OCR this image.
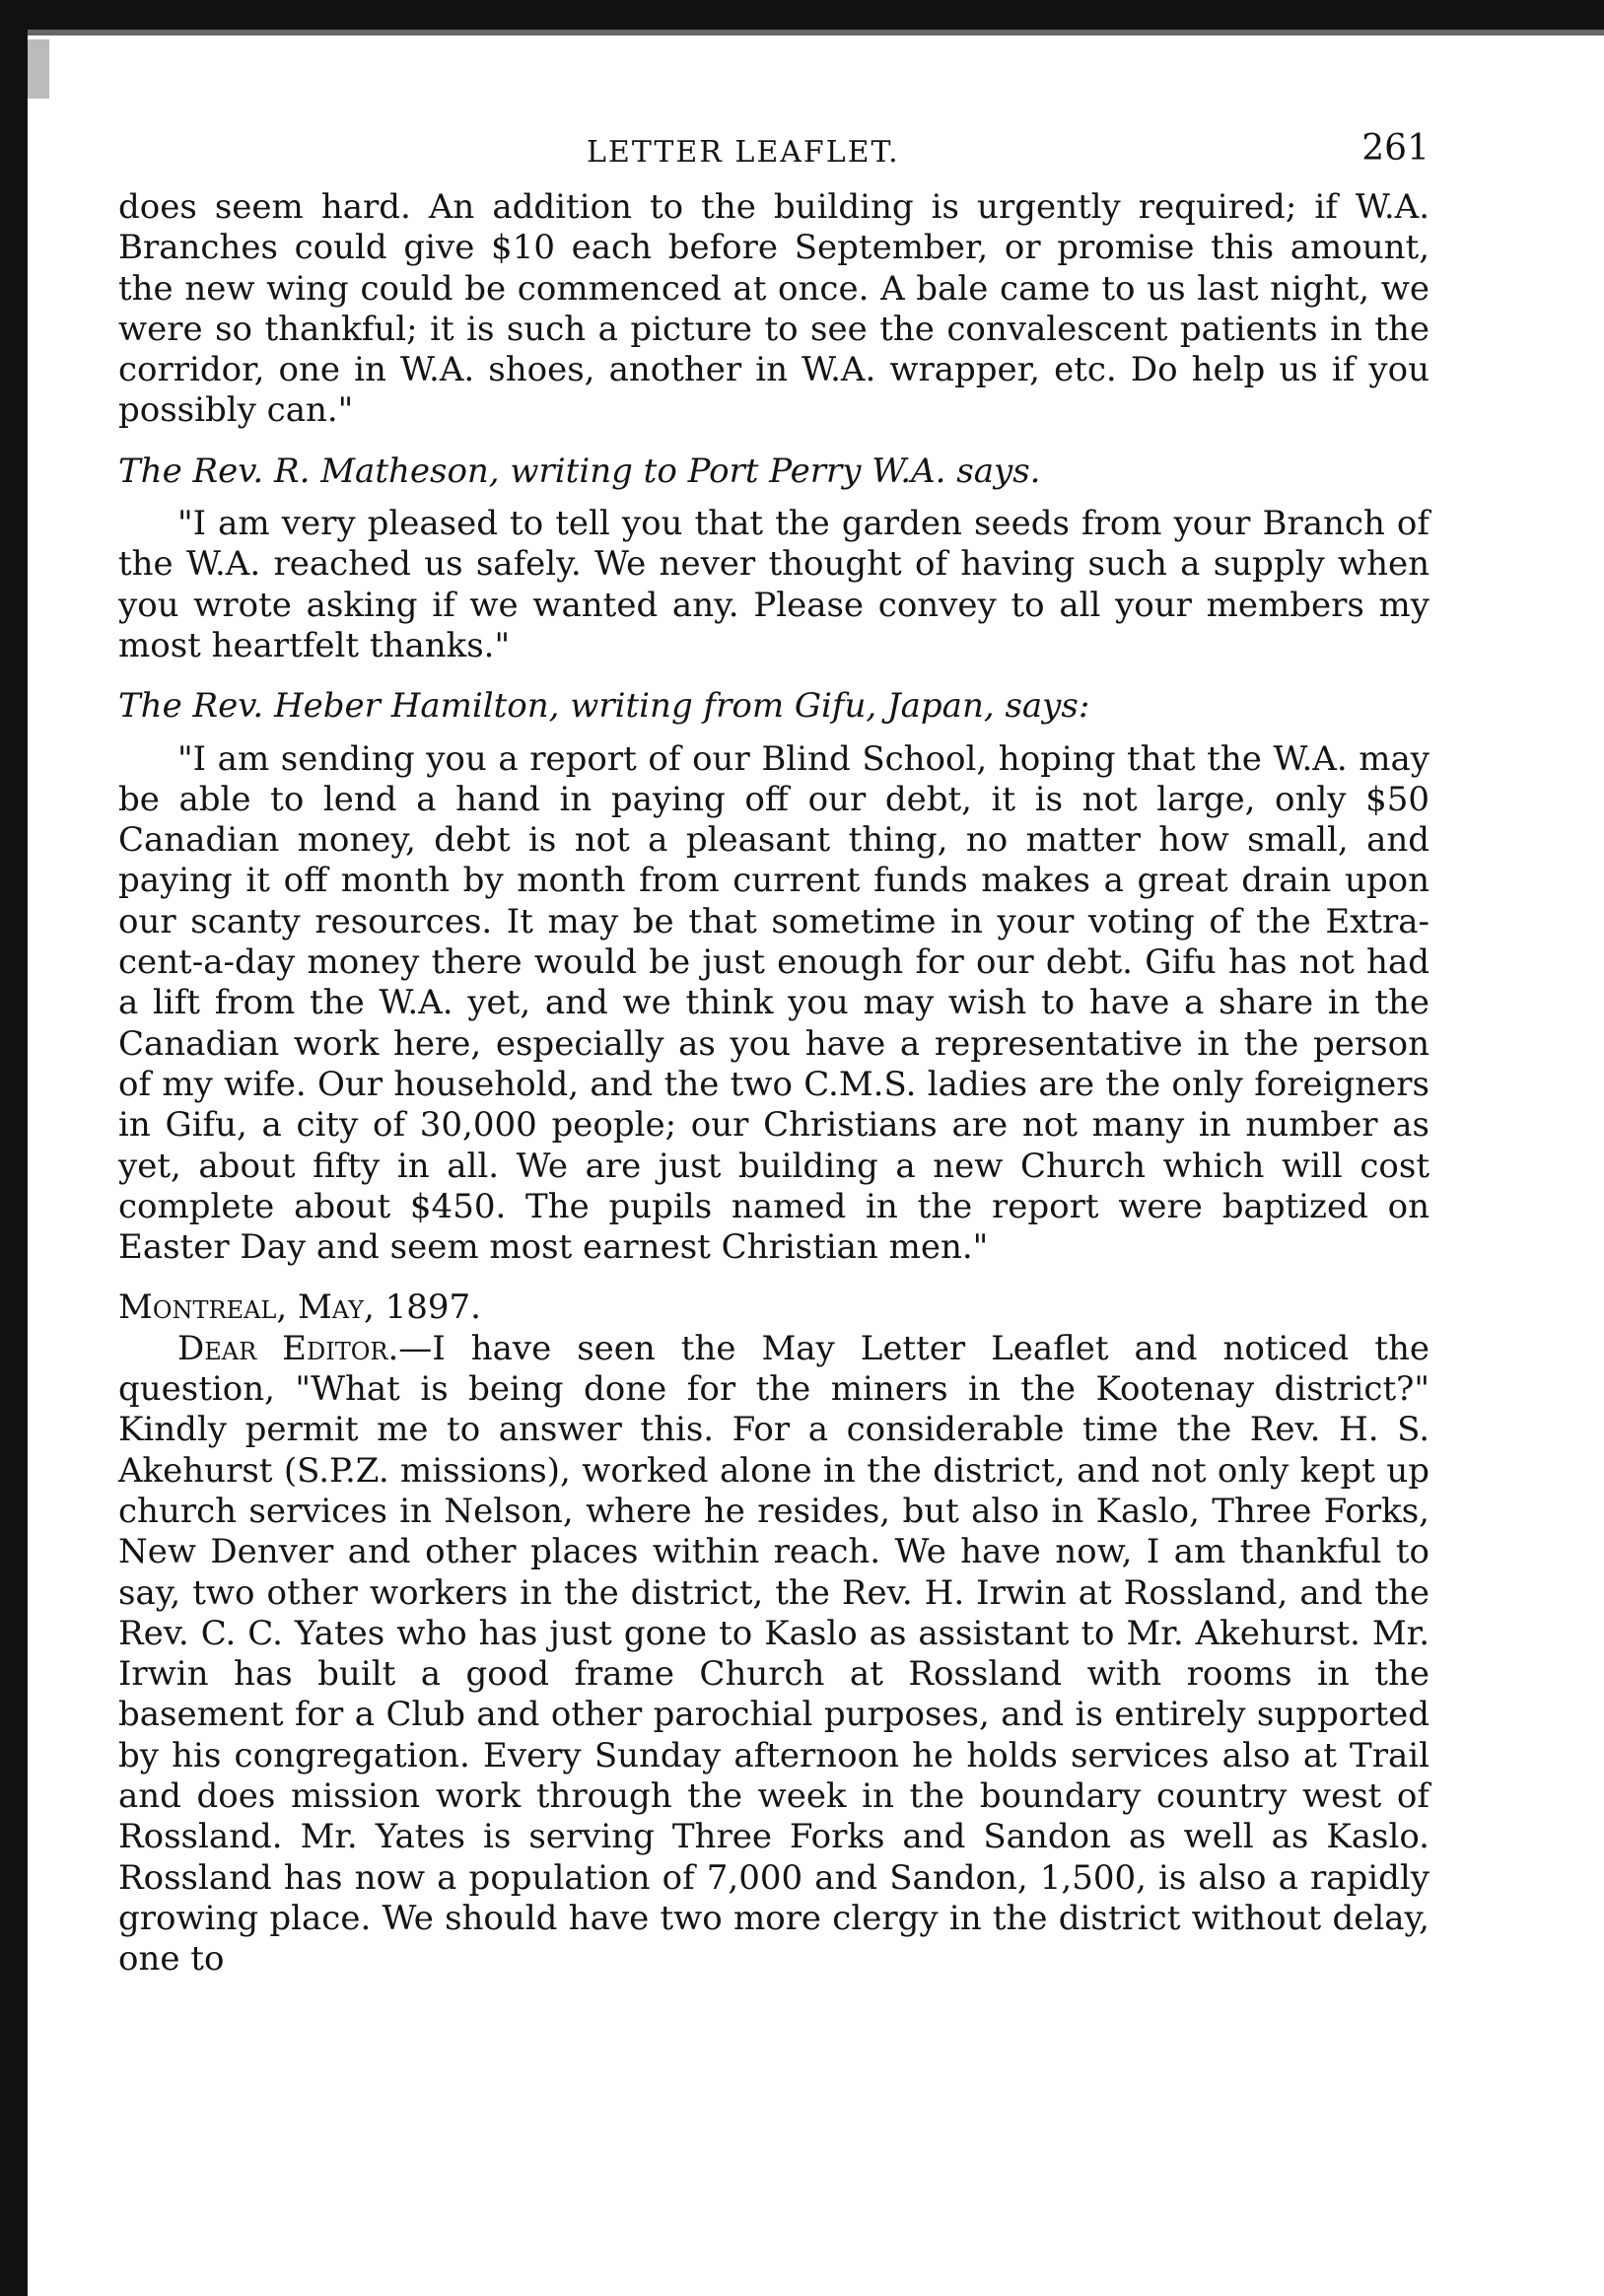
LETTER LEAFLET.	261

does seem hard. An addition to the building is urgently required; if W.A. Branches could give $10 each before September, or promise this amount, the new wing could be commenced at once. A bale came to us last night, we were so thankful; it is such a picture to see the convalescent patients in the corridor, one in W.A. shoes, another in W.A. wrapper, etc. Do help us if you possibly can."

The Rev. R. Matheson, writing to Port Perry W.A. says.

"I am very pleased to tell you that the garden seeds from your Branch of the W.A. reached us safely. We never thought of having such a supply when you wrote asking if we wanted any. Please convey to all your members my most heartfelt thanks."

The Rev. Heber Hamilton, writing from Gifu, Japan, says:

"I am sending you a report of our Blind School, hoping that the W.A. may be able to lend a hand in paying off our debt, it is not large, only $50 Canadian money, debt is not a pleasant thing, no matter how small, and paying it off month by month from current funds makes a great drain upon our scanty resources. It may be that sometime in your voting of the Extra-cent-a-day money there would be just enough for our debt. Gifu has not had a lift from the W.A. yet, and we think you may wish to have a share in the Canadian work here, especially as you have a representative in the person of my wife. Our household, and the two C.M.S. ladies are the only foreigners in Gifu, a city of 30,000 people; our Christians are not many in number as yet, about fifty in all. We are just building a new Church which will cost complete about $450. The pupils named in the report were baptized on Easter Day and seem most earnest Christian men."

Montreal, May, 1897.

Dear Editor.—I have seen the May Letter Leaflet and noticed the question, "What is being done for the miners in the Kootenay district?" Kindly permit me to answer this. For a considerable time the Rev. H. S. Akehurst (S.P.Z. missions), worked alone in the district, and not only kept up church services in Nelson, where he resides, but also in Kaslo, Three Forks, New Denver and other places within reach. We have now, I am thankful to say, two other workers in the district, the Rev. H. Irwin at Rossland, and the Rev. C. C. Yates who has just gone to Kaslo as assistant to Mr. Akehurst. Mr. Irwin has built a good frame Church at Rossland with rooms in the basement for a Club and other parochial purposes, and is entirely supported by his congregation. Every Sunday afternoon he holds services also at Trail and does mission work through the week in the boundary country west of Rossland. Mr. Yates is serving Three Forks and Sandon as well as Kaslo. Rossland has now a population of 7,000 and Sandon, 1,500, is also a rapidly growing place. We should have two more clergy in the district without delay, one to
